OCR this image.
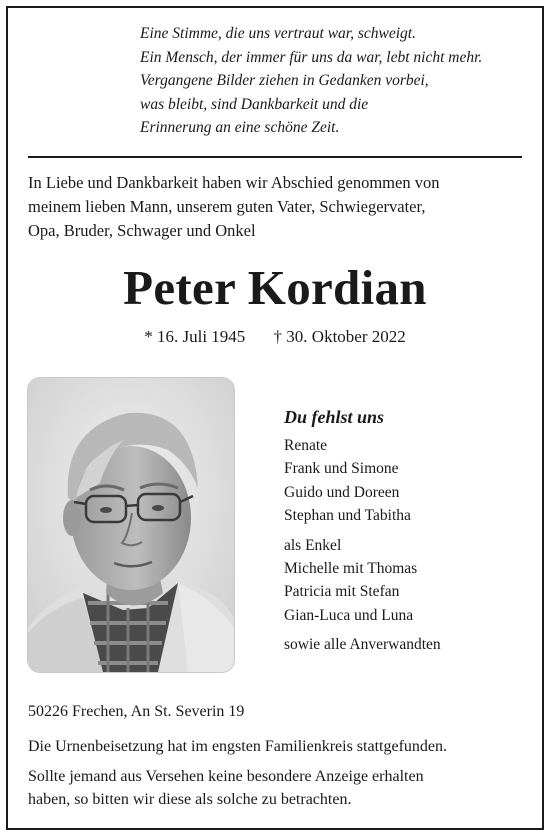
Eine Stimme, die uns vertraut war, schweigt.
Ein Mensch, der immer für uns da war, lebt nicht mehr.
Vergangene Bilder ziehen in Gedanken vorbei,
was bleibt, sind Dankbarkeit und die
Erinnerung an eine schöne Zeit.
In Liebe und Dankbarkeit haben wir Abschied genommen von
meinem lieben Mann, unserem guten Vater, Schwiegervater,
Opa, Bruder, Schwager und Onkel
Peter Kordian
* 16. Juli 1945 † 30. Oktober 2022
Du fehlst uns
Renate
Frank und Simone
Guido und Doreen
Stephan und Tabitha
als Enkel
Michelle mit Thomas
Patricia mit Stefan
Gian-Luca und Luna
sowie alle Anverwandten
50226 Frechen, An St. Severin 19
Die Urnenbeisetzung hat im engsten Familienkreis stattgefunden.
Sollte jemand aus Versehen keine besondere Anzeige erhalten
haben, so bitten wir diese als solche zu betrachten.
